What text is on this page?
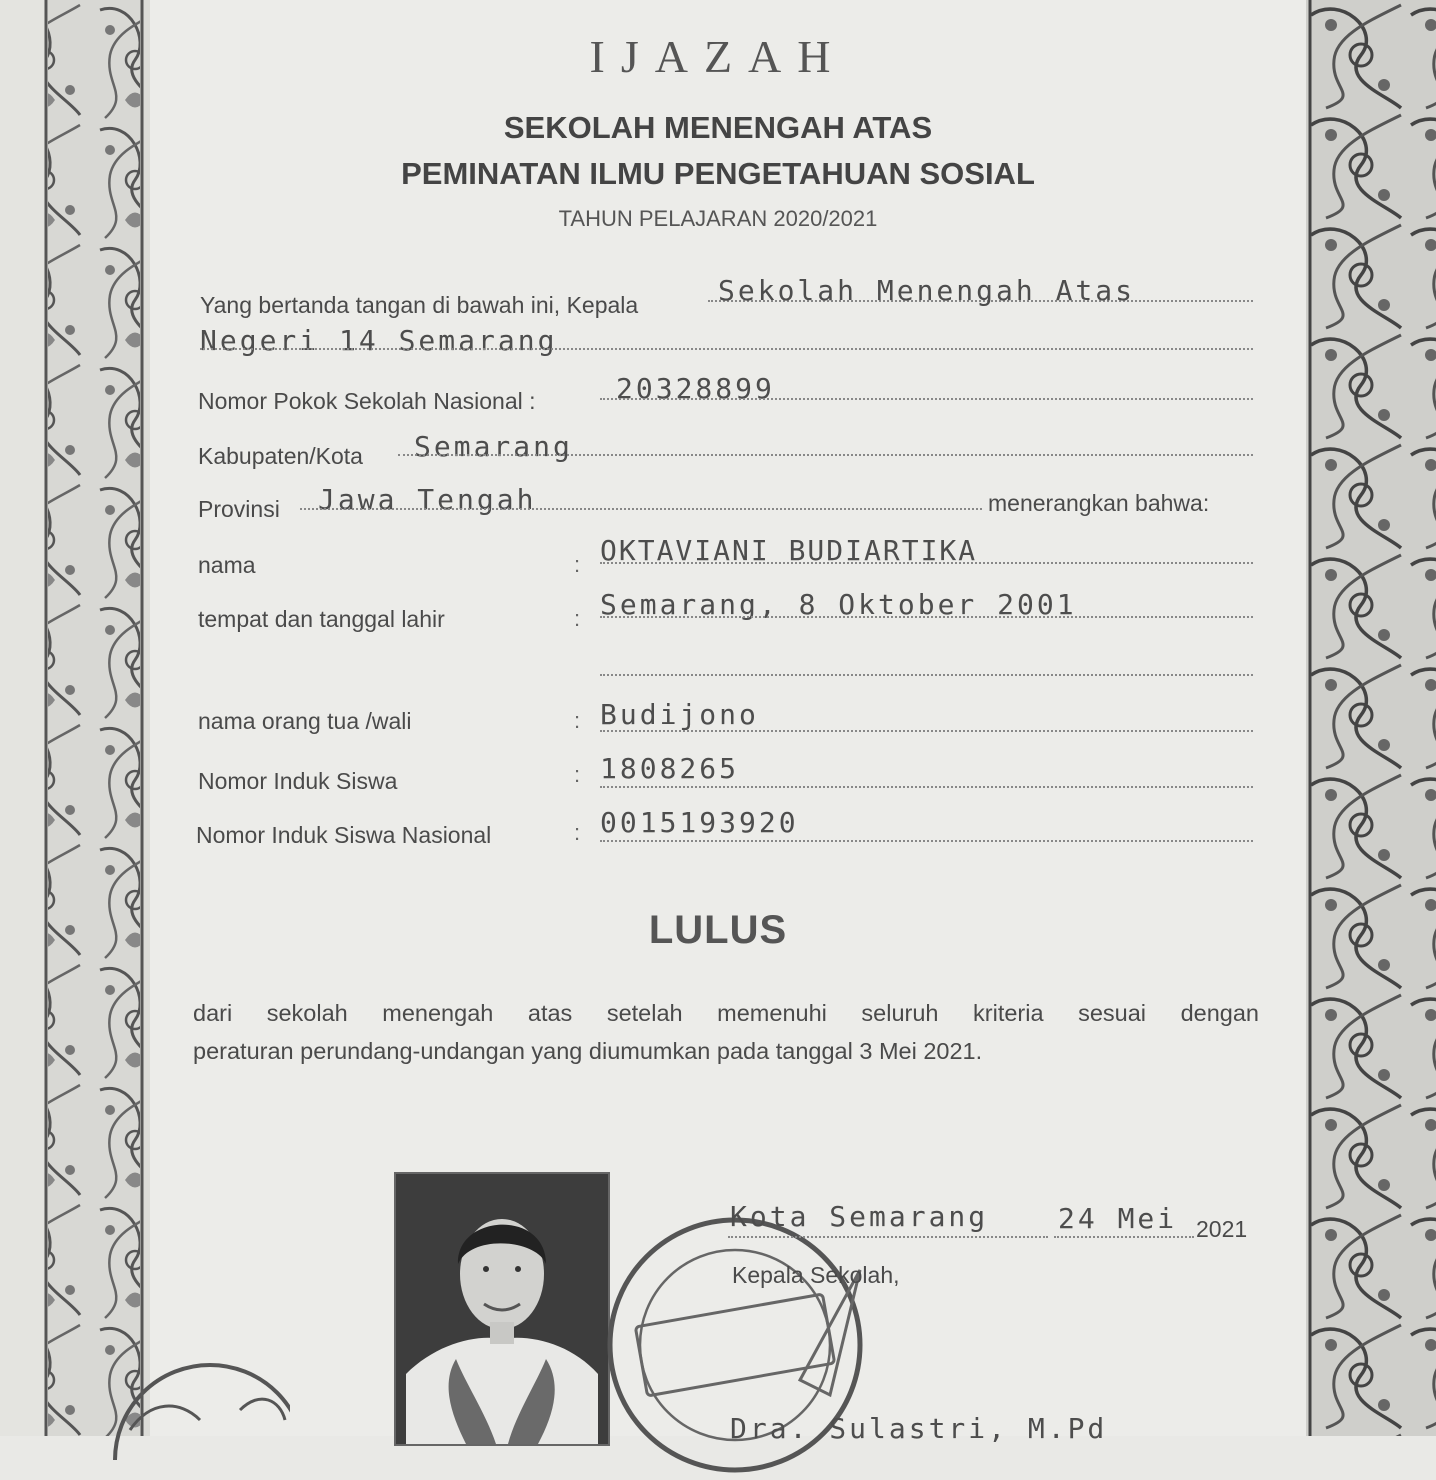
IJAZAH
SEKOLAH MENENGAH ATAS
PEMINATAN ILMU PENGETAHUAN SOSIAL
TAHUN PELAJARAN 2020/2021
Yang bertanda tangan di bawah ini, Kepala	Sekolah Menengah Atas
Negeri 14 Semarang
Nomor Pokok Sekolah Nasional :	20328899
Kabupaten/Kota Semarang
Provinsi Jawa Tengah	menerangkan bahwa:
nama	: OKTAVIANI BUDIARTIKA
tempat dan tanggal lahir	: Semarang, 8 Oktober 2001
nama orang tua /wali	: Budijono
Nomor Induk Siswa	: 1808265
Nomor Induk Siswa Nasional	: 0015193920
LULUS
dari sekolah menengah atas setelah memenuhi seluruh kriteria sesuai dengan
peraturan perundang-undangan yang diumumkan pada tanggal 3 Mei 2021.
Kota Semarang 24 Mei 2021
Kepala Sekolah,
Dra. Sulastri, M.Pd
